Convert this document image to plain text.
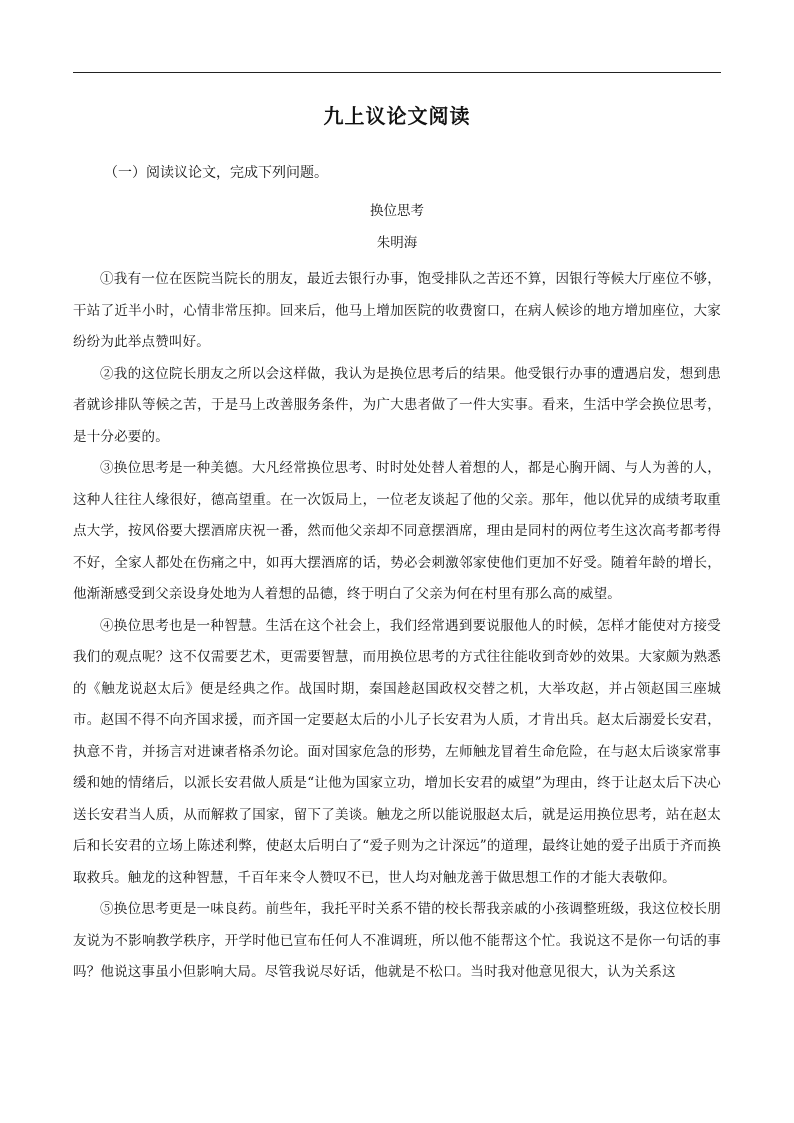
九上议论文阅读

（一）阅读议论文，完成下列问题。

换位思考
朱明海

①我有一位在医院当院长的朋友，最近去银行办事，饱受排队之苦还不算，因银行等候大厅座位不够，干站了近半小时，心情非常压抑。回来后，他马上增加医院的收费窗口，在病人候诊的地方增加座位，大家纷纷为此举点赞叫好。

②我的这位院长朋友之所以会这样做，我认为是换位思考后的结果。他受银行办事的遭遇启发，想到患者就诊排队等候之苦，于是马上改善服务条件，为广大患者做了一件大实事。看来，生活中学会换位思考，是十分必要的。

③换位思考是一种美德。大凡经常换位思考、时时处处替人着想的人，都是心胸开阔、与人为善的人，这种人往往人缘很好，德高望重。在一次饭局上，一位老友谈起了他的父亲。那年，他以优异的成绩考取重点大学，按风俗要大摆酒席庆祝一番，然而他父亲却不同意摆酒席，理由是同村的两位考生这次高考都考得不好，全家人都处在伤痛之中，如再大摆酒席的话，势必会刺激邻家使他们更加不好受。随着年龄的增长，他渐渐感受到父亲设身处地为人着想的品德，终于明白了父亲为何在村里有那么高的威望。

④换位思考也是一种智慧。生活在这个社会上，我们经常遇到要说服他人的时候，怎样才能使对方接受我们的观点呢？这不仅需要艺术，更需要智慧，而用换位思考的方式往往能收到奇妙的效果。大家颇为熟悉的《触龙说赵太后》便是经典之作。战国时期，秦国趁赵国政权交替之机，大举攻赵，并占领赵国三座城市。赵国不得不向齐国求援，而齐国一定要赵太后的小儿子长安君为人质，才肯出兵。赵太后溺爱长安君，执意不肯，并扬言对进谏者格杀勿论。面对国家危急的形势，左师触龙冒着生命危险，在与赵太后谈家常事缓和她的情绪后，以派长安君做人质是“让他为国家立功，增加长安君的威望”为理由，终于让赵太后下决心送长安君当人质，从而解救了国家，留下了美谈。触龙之所以能说服赵太后，就是运用换位思考，站在赵太后和长安君的立场上陈述利弊，使赵太后明白了“爱子则为之计深远”的道理，最终让她的爱子出质于齐而换取救兵。触龙的这种智慧，千百年来令人赞叹不已，世人均对触龙善于做思想工作的才能大表敬仰。

⑤换位思考更是一味良药。前些年，我托平时关系不错的校长帮我亲戚的小孩调整班级，我这位校长朋友说为不影响教学秩序，开学时他已宣布任何人不准调班，所以他不能帮这个忙。我说这不是你一句话的事吗？他说这事虽小但影响大局。尽管我说尽好话，他就是不松口。当时我对他意见很大，认为关系这
